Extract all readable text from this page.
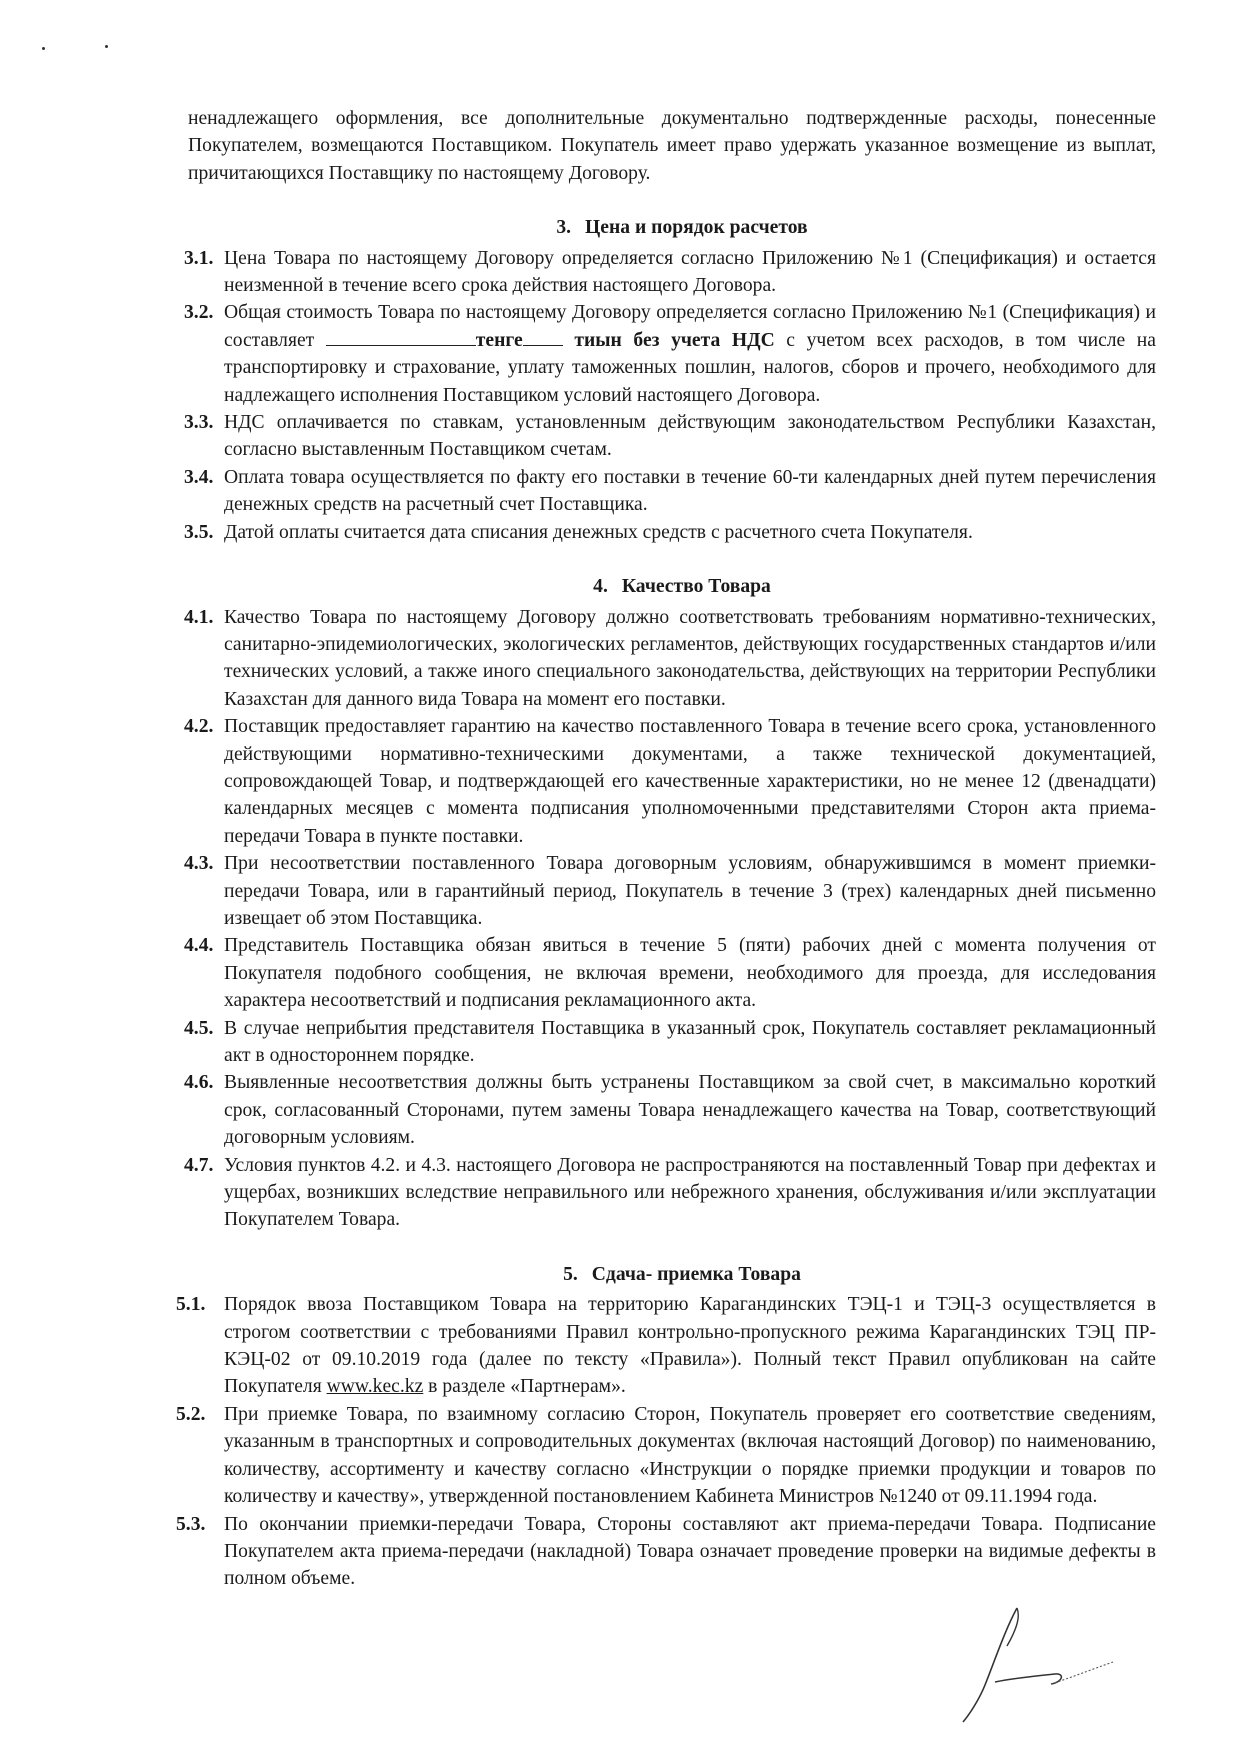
ненадлежащего оформления, все дополнительные документально подтвержденные расходы, понесенные Покупателем, возмещаются Поставщиком. Покупатель имеет право удержать указанное возмещение из выплат, причитающихся Поставщику по настоящему Договору.

3. Цена и порядок расчетов

3.1. Цена Товара по настоящему Договору определяется согласно Приложению №1 (Спецификация) и остается неизменной в течение всего срока действия настоящего Договора.

3.2. Общая стоимость Товара по настоящему Договору определяется согласно Приложению №1 (Спецификация) и составляет	тенге	тиын без учета НДС с учетом всех расходов, в том числе на транспортировку и страхование, уплату таможенных пошлин, налогов, сборов и прочего, необходимого для надлежащего исполнения Поставщиком условий настоящего Договора.

3.3. НДС оплачивается по ставкам, установленным действующим законодательством Республики Казахстан, согласно выставленным Поставщиком счетам.

3.4. Оплата товара осуществляется по факту его поставки в течение 60-ти календарных дней путем перечисления денежных средств на расчетный счет Поставщика.

3.5. Датой оплаты считается дата списания денежных средств с расчетного счета Покупателя.

4. Качество Товара

4.1. Качество Товара по настоящему Договору должно соответствовать требованиям нормативно-технических, санитарно-эпидемиологических, экологических регламентов, действующих государственных стандартов и/или технических условий, а также иного специального законодательства, действующих на территории Республики Казахстан для данного вида Товара на момент его поставки.

4.2. Поставщик предоставляет гарантию на качество поставленного Товара в течение всего срока, установленного действующими нормативно-техническими документами, а также технической документацией, сопровождающей Товар, и подтверждающей его качественные характеристики, но не менее 12 (двенадцати) календарных месяцев с момента подписания уполномоченными представителями Сторон акта приема-передачи Товара в пункте поставки.

4.3. При несоответствии поставленного Товара договорным условиям, обнаружившимся в момент приемки-передачи Товара, или в гарантийный период, Покупатель в течение 3 (трех) календарных дней письменно извещает об этом Поставщика.

4.4. Представитель Поставщика обязан явиться в течение 5 (пяти) рабочих дней с момента получения от Покупателя подобного сообщения, не включая времени, необходимого для проезда, для исследования характера несоответствий и подписания рекламационного акта.

4.5. В случае неприбытия представителя Поставщика в указанный срок, Покупатель составляет рекламационный акт в одностороннем порядке.

4.6. Выявленные несоответствия должны быть устранены Поставщиком за свой счет, в максимально короткий срок, согласованный Сторонами, путем замены Товара ненадлежащего качества на Товар, соответствующий договорным условиям.

4.7. Условия пунктов 4.2. и 4.3. настоящего Договора не распространяются на поставленный Товар при дефектах и ущербах, возникших вследствие неправильного или небрежного хранения, обслуживания и/или эксплуатации Покупателем Товара.

5. Сдача- приемка Товара

5.1. Порядок ввоза Поставщиком Товара на территорию Карагандинских ТЭЦ-1 и ТЭЦ-3 осуществляется в строгом соответствии с требованиями Правил контрольно-пропускного режима Карагандинских ТЭЦ ПР-КЭЦ-02 от 09.10.2019 года (далее по тексту «Правила»). Полный текст Правил опубликован на сайте Покупателя www.kec.kz в разделе «Партнерам».

5.2. При приемке Товара, по взаимному согласию Сторон, Покупатель проверяет его соответствие сведениям, указанным в транспортных и сопроводительных документах (включая настоящий Договор) по наименованию, количеству, ассортименту и качеству согласно «Инструкции о порядке приемки продукции и товаров по количеству и качеству», утвержденной постановлением Кабинета Министров №1240 от 09.11.1994 года.

5.3. По окончании приемки-передачи Товара, Стороны составляют акт приема-передачи Товара. Подписание Покупателем акта приема-передачи (накладной) Товара означает проведение проверки на видимые дефекты в полном объеме.
